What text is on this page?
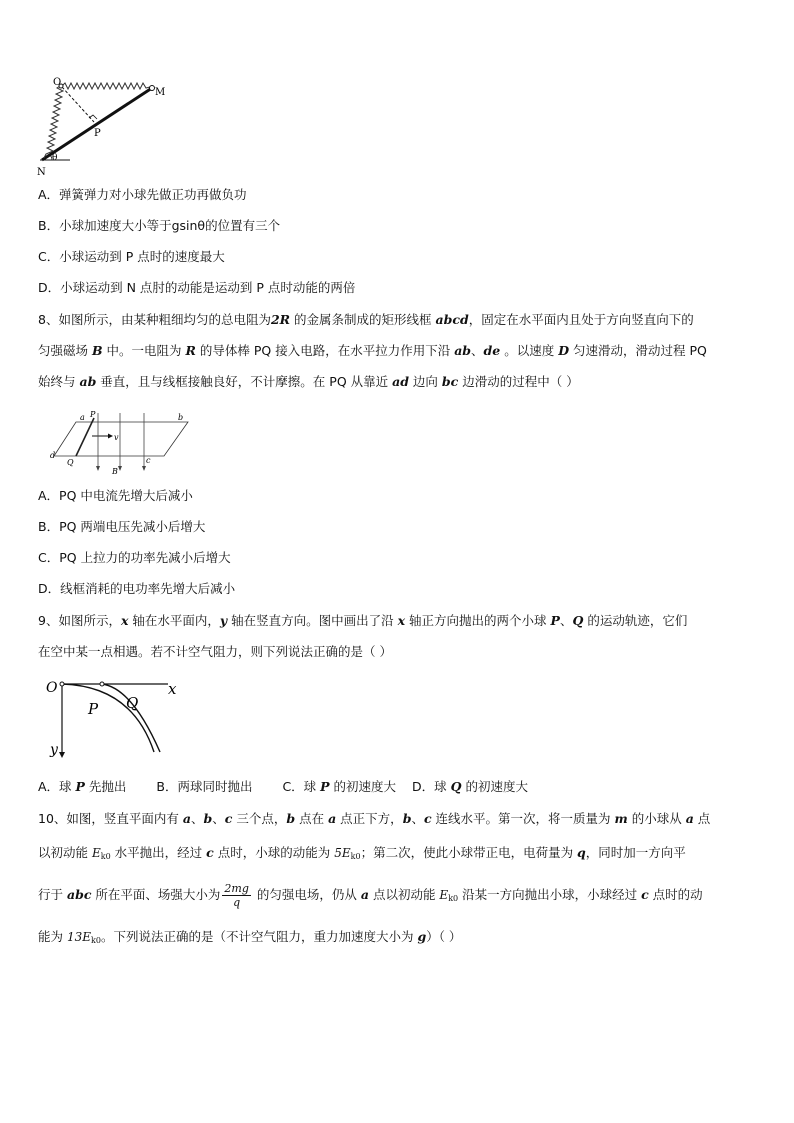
O
M
P
N
θ
A．弹簧弹力对小球先做正功再做负功
B．小球加速度大小等于gsinθ的位置有三个
C．小球运动到 P 点时的速度最大
D．小球运动到 N 点肘的动能是运动到 P 点时动能的两倍
8、如图所示，由某种粗细均匀的总电阻为2R 的金属条制成的矩形线框 abcd，固定在水平面内且处于方向竖直向下的
匀强磁场 B 中。一电阻为 R 的导体棒 PQ 接入电路，在水平拉力作用下沿 ab、de 。以速度 D 匀速滑动，滑动过程 PQ
始终与 ab 垂直，且与线框接触良好，不计摩擦。在 PQ 从靠近 ad 边向 bc 边滑动的过程中（ ）
a P	b
v
d
Q	c
B
A．PQ 中电流先增大后减小
B．PQ 两端电压先减小后增大
C．PQ 上拉力的功率先减小后增大
D．线框消耗的电功率先增大后减小
9、如图所示，x 轴在水平面内，y 轴在竖直方向。图中画出了沿 x 轴正方向抛出的两个小球 P、Q 的运动轨迹，它们
在空中某一点相遇。若不计空气阻力，则下列说法正确的是（ ）
O	x
y
P Q
A．球 P 先抛出 B．两球同时抛出 C．球 P 的初速度大 D．球 Q 的初速度大
10、如图，竖直平面内有 a、b、c 三个点，b 点在 a 点正下方，b、c 连线水平。第一次，将一质量为 m 的小球从 a 点
以初动能 $E_{k0}$ 水平抛出，经过 c 点时，小球的动能为 $5E_{k0}$；第二次，使此小球带正电，电荷量为 q，同时加一方向平
行于 abc 所在平面、场强大小为 $\frac{2mg}{q}$ 的匀强电场，仍从 a 点以初动能 $E_{k0}$ 沿某一方向抛出小球，小球经过 c 点时的动
能为 $13E_{k0}$。下列说法正确的是（不计空气阻力，重力加速度大小为 g）（ ）
